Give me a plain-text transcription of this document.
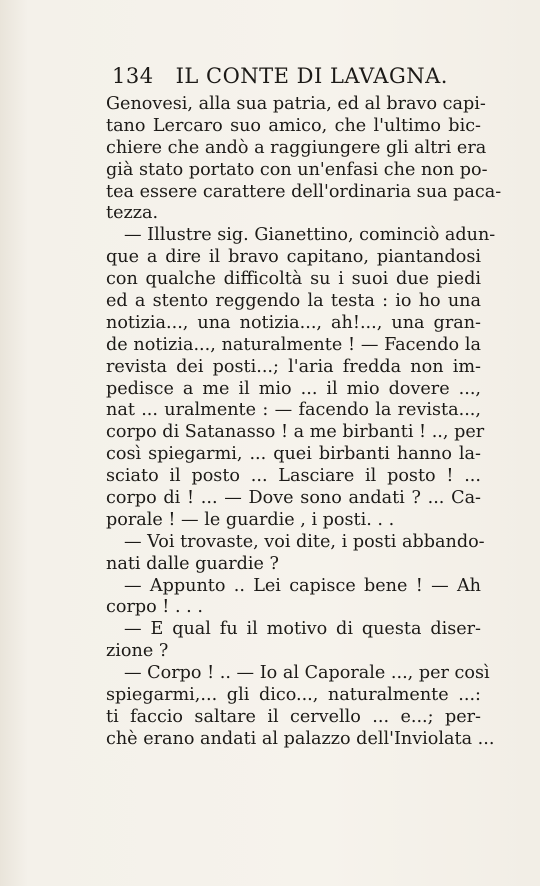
134 IL CONTE DI LAVAGNA.
Genovesi, alla sua patria, ed al bravo capi-
tano Lercaro suo amico, che l'ultimo bic-
chiere che andò a raggiungere gli altri era
già stato portato con un'enfasi che non po-
tea essere carattere dell'ordinaria sua paca-
tezza.
— Illustre sig. Gianettino, cominciò adun-
que a dire il bravo capitano, piantandosi
con qualche difficoltà su i suoi due piedi
ed a stento reggendo la testa : io ho una
notizia..., una notizia..., ah!..., una gran-
de notizia..., naturalmente ! — Facendo la
revista dei posti...; l'aria fredda non im-
pedisce a me il mio ... il mio dovere ...,
nat ... uralmente : — facendo la revista...,
corpo di Satanasso ! a me birbanti ! .., per
così spiegarmi, ... quei birbanti hanno la-
sciato il posto ... Lasciare il posto ! ...
corpo di ! ... — Dove sono andati ? ... Ca-
porale ! — le guardie , i posti. . .
— Voi trovaste, voi dite, i posti abbando-
nati dalle guardie ?
— Appunto .. Lei capisce bene ! — Ah
corpo ! . . .
— E qual fu il motivo di questa diser-
zione ?
— Corpo ! .. — Io al Caporale ..., per così
spiegarmi,... gli dico..., naturalmente ...:
ti faccio saltare il cervello ... e...; per-
chè erano andati al palazzo dell'Inviolata ...
